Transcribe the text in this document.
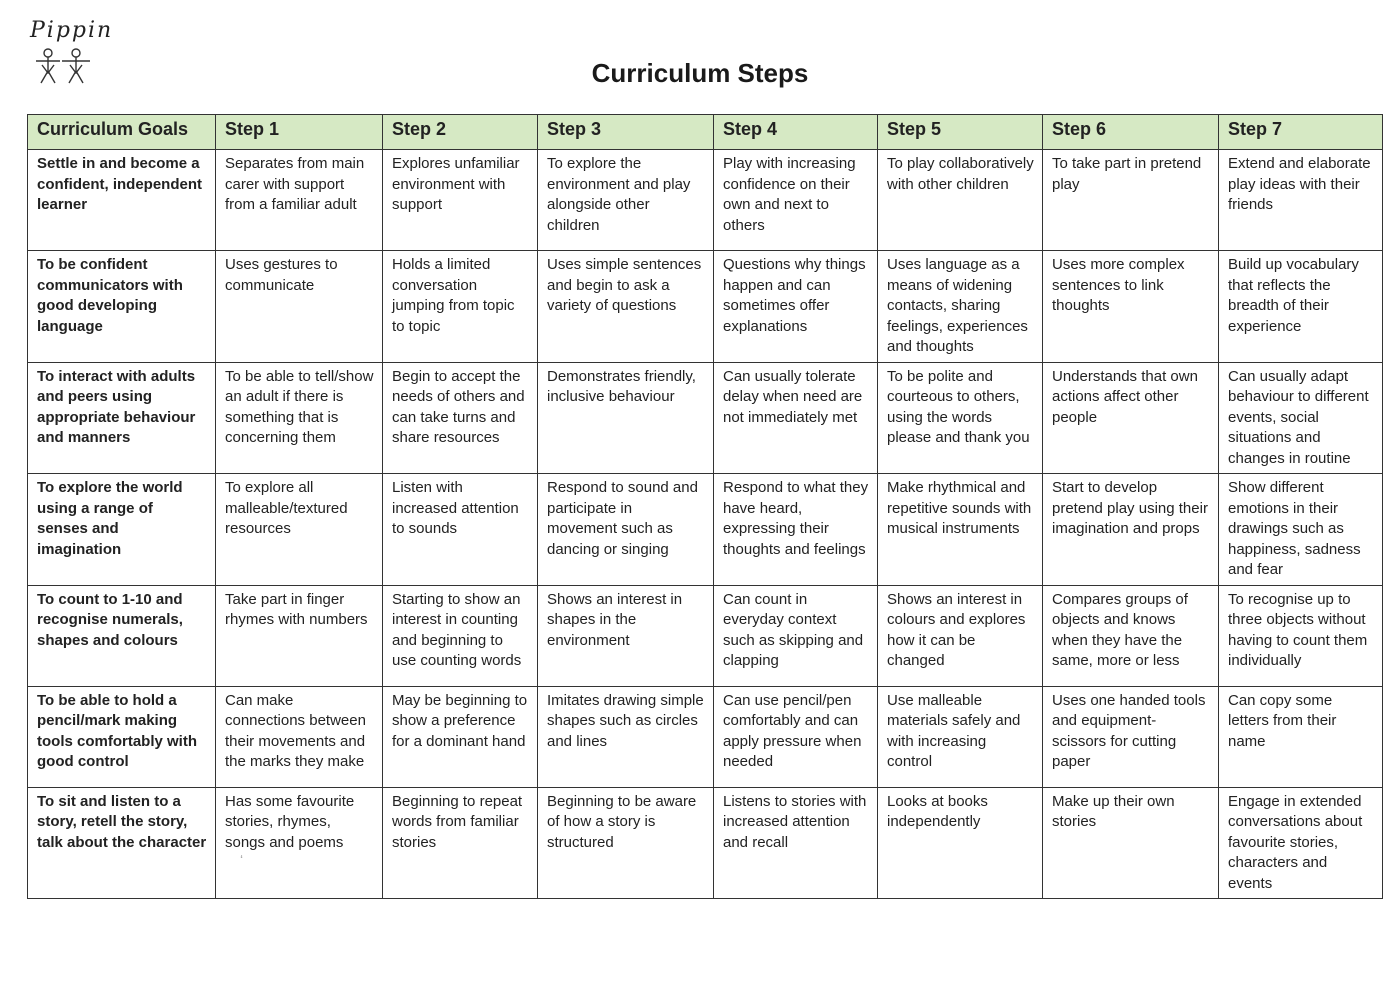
Pippin
Curriculum Steps
Curriculum Goals	Step 1	Step 2	Step 3	Step 4	Step 5	Step 6	Step 7
Settle in and become a confident, independent learner	Separates from main carer with support from a familiar adult	Explores unfamiliar environment with support	To explore the environment and play alongside other children	Play with increasing confidence on their own and next to others	To play collaboratively with other children	To take part in pretend play	Extend and elaborate play ideas with their friends
To be confident communicators with good developing language	Uses gestures to communicate	Holds a limited conversation jumping from topic to topic	Uses simple sentences and begin to ask a variety of questions	Questions why things happen and can sometimes offer explanations	Uses language as a means of widening contacts, sharing feelings, experiences and thoughts	Uses more complex sentences to link thoughts	Build up vocabulary that reflects the breadth of their experience
To interact with adults and peers using appropriate behaviour and manners	To be able to tell/show an adult if there is something that is concerning them	Begin to accept the needs of others and can take turns and share resources	Demonstrates friendly, inclusive behaviour	Can usually tolerate delay when need are not immediately met	To be polite and courteous to others, using the words please and thank you	Understands that own actions affect other people	Can usually adapt behaviour to different events, social situations and changes in routine
To explore the world using a range of senses and imagination	To explore all malleable/textured resources	Listen with increased attention to sounds	Respond to sound and participate in movement such as dancing or singing	Respond to what they have heard, expressing their thoughts and feelings	Make rhythmical and repetitive sounds with musical instruments	Start to develop pretend play using their imagination and props	Show different emotions in their drawings such as happiness, sadness and fear
To count to 1-10 and recognise numerals, shapes and colours	Take part in finger rhymes with numbers	Starting to show an interest in counting and beginning to use counting words	Shows an interest in shapes in the environment	Can count in everyday context such as skipping and clapping	Shows an interest in colours and explores how it can be changed	Compares groups of objects and knows when they have the same, more or less	To recognise up to three objects without having to count them individually
To be able to hold a pencil/mark making tools comfortably with good control	Can make connections between their movements and the marks they make	May be beginning to show a preference for a dominant hand	Imitates drawing simple shapes such as circles and lines	Can use pencil/pen comfortably and can apply pressure when needed	Use malleable materials safely and with increasing control	Uses one handed tools and equipment- scissors for cutting paper	Can copy some letters from their name
To sit and listen to a story, retell the story, talk about the character	Has some favourite stories, rhymes, songs and poems	Beginning to repeat words from familiar stories	Beginning to be aware of how a story is structured	Listens to stories with increased attention and recall	Looks at books independently	Make up their own stories	Engage in extended conversations about favourite stories, characters and events
ʻ
